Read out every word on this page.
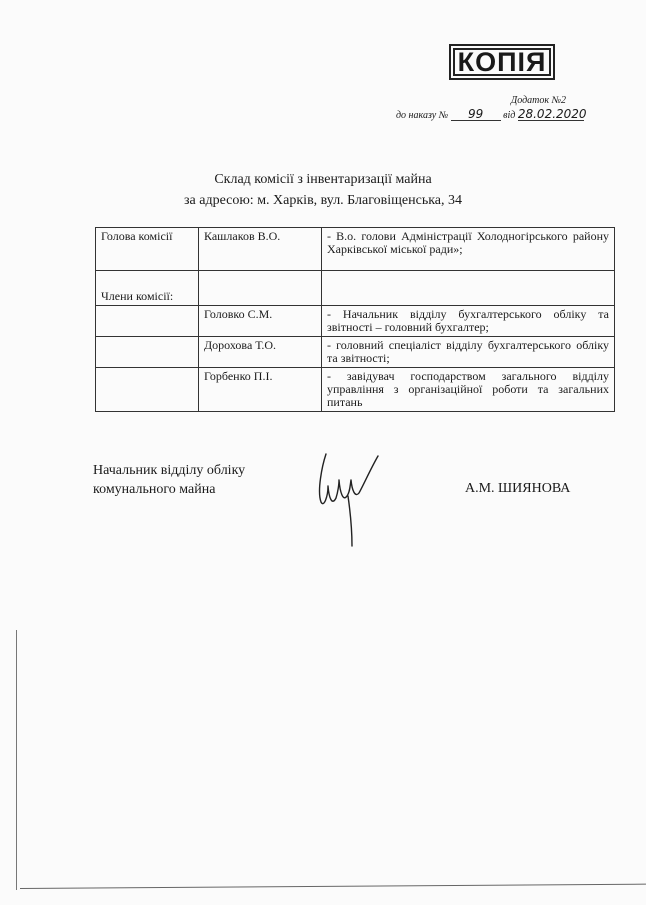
КОПІЯ
Додаток №2
до наказу № 99 від 28.02.2020
Склад комісії з інвентаризації майна
за адресою: м. Харків, вул. Благовіщенська, 34
Голова комісії	Кашлаков В.О.	- В.о. голови Адміністрації Холодногірського району Харківської міської ради»;
Члени комісії:		
	Головко С.М.	- Начальник відділу бухгалтерського обліку та звітності – головний бухгалтер;
	Дорохова Т.О.	- головний спеціаліст відділу бухгалтерського обліку та звітності;
	Горбенко П.І.	- завідувач господарством загального відділу управління з організаційної роботи та загальних питань
Начальник відділу обліку
комунального майна	А.М. ШИЯНОВА
